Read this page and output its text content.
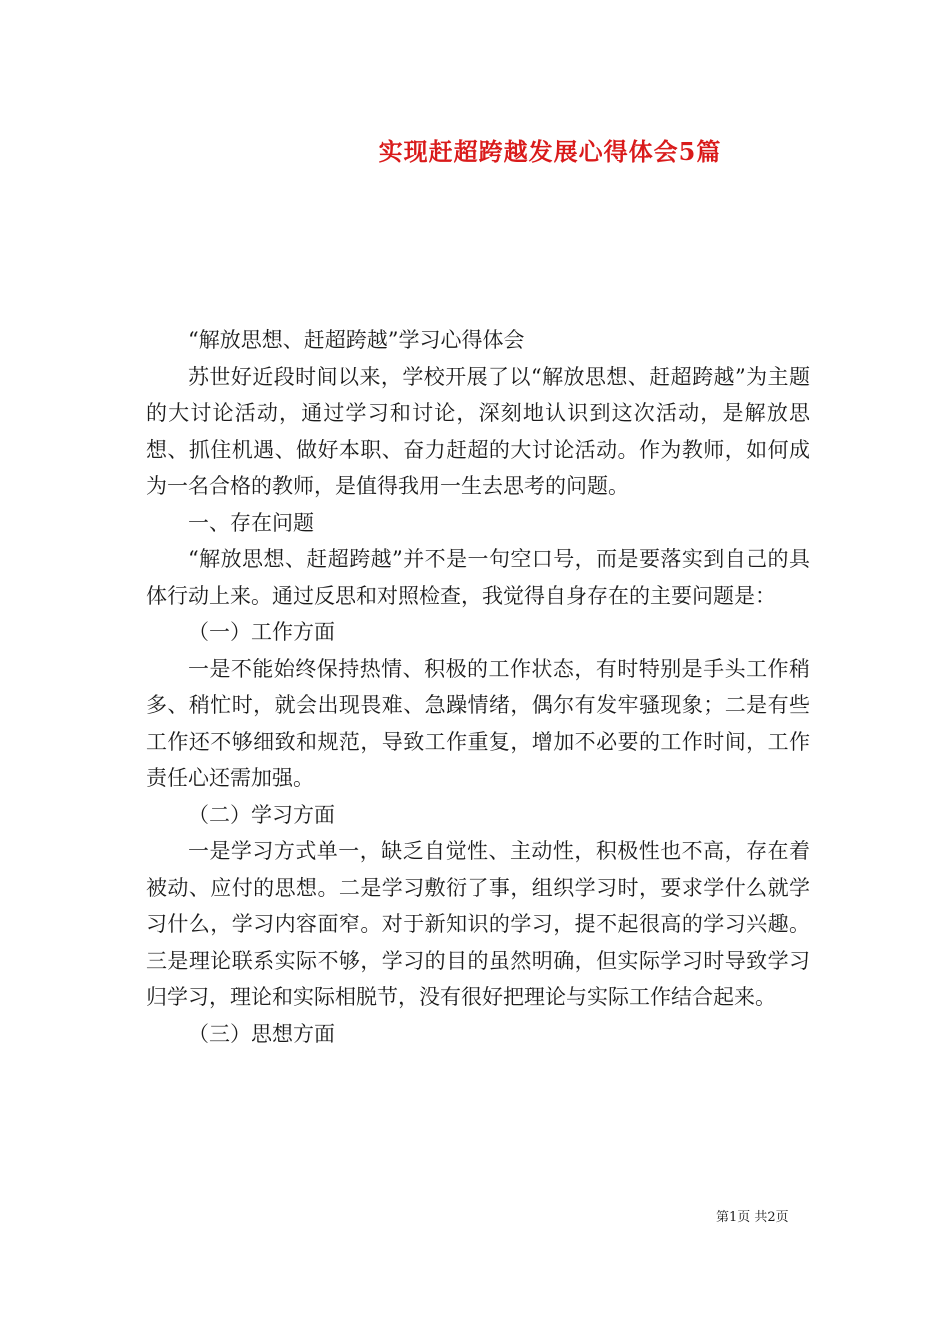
实现赶超跨越发展心得体会5篇

“解放思想、赶超跨越”学习心得体会

苏世好近段时间以来，学校开展了以“解放思想、赶超跨越”为主题的大讨论活动，通过学习和讨论，深刻地认识到这次活动，是解放思想、抓住机遇、做好本职、奋力赶超的大讨论活动。作为教师，如何成为一名合格的教师，是值得我用一生去思考的问题。

一、存在问题

“解放思想、赶超跨越”并不是一句空口号，而是要落实到自己的具体行动上来。通过反思和对照检查，我觉得自身存在的主要问题是：

（一）工作方面

一是不能始终保持热情、积极的工作状态，有时特别是手头工作稍多、稍忙时，就会出现畏难、急躁情绪，偶尔有发牢骚现象；二是有些工作还不够细致和规范，导致工作重复，增加不必要的工作时间，工作责任心还需加强。

（二）学习方面

一是学习方式单一，缺乏自觉性、主动性，积极性也不高，存在着被动、应付的思想。二是学习敷衍了事，组织学习时，要求学什么就学习什么，学习内容面窄。对于新知识的学习，提不起很高的学习兴趣。三是理论联系实际不够，学习的目的虽然明确，但实际学习时导致学习归学习，理论和实际相脱节，没有很好把理论与实际工作结合起来。

（三）思想方面

第1页 共2页
